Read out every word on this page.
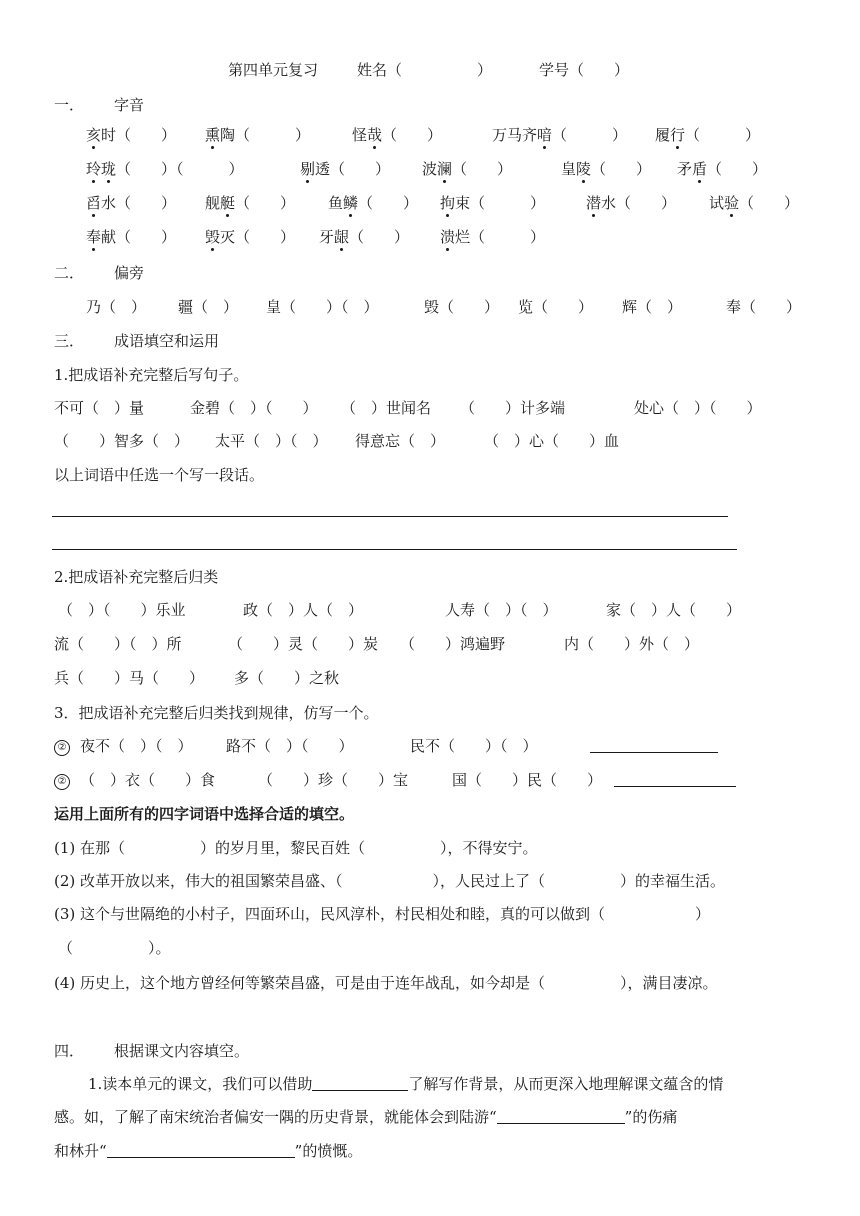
第四单元复习	姓名（　　　　　）	学号（　　）
一． 字音
亥时（　　） 熏陶（　　　）	怪哉（　　）	万马齐喑（　　　） 履行（　　　）
玲珑（　　）（　　　）	剔透（　　） 波澜（　　）	皇陵（　　） 矛盾（　　）
舀水（　　） 舰艇（　　） 鱼鳞（　　） 拘束（　　　）	潜水（　　） 试验（　　）
奉献（　　） 毁灭（　　） 牙龈（　　） 溃烂（　　　）
二． 偏旁
乃（　） 疆（　） 皇（　　）（　）	毁（　　） 览（　　） 辉（　）	奉（　　）
三． 成语填空和运用
1.把成语补充完整后写句子。
不可（　）量	金碧（　）（　　） （　）世闻名 （　　）计多端	处心（　）（　　）
（　　）智多（　） 太平（　）（　） 得意忘（　）	（　）心（　　）血
以上词语中任选一个写一段话。
2.把成语补充完整后归类
（　）（　　）乐业	政（　）人（　）	人寿（　）（　）	家（　）人（　　）
流（　　）（　）所	（　　）灵（　　）炭 （　　）鸿遍野	内（　　）外（　）
兵（　　）马（　　） 多（　　）之秋
3．把成语补充完整后归类找到规律，仿写一个。
② 夜不（　）（　） 路不（　）（　　）	民不（　　）（　）
② （　）衣（　　）食	（　　）珍（　　）宝	国（　　）民（　　）
运用上面所有的四字词语中选择合适的填空。
(1) 在那（　　　　　）的岁月里，黎民百姓（　　　　　），不得安宁。
(2) 改革开放以来，伟大的祖国繁荣昌盛、（　　　　　　），人民过上了（　　　　　）的幸福生活。
(3) 这个与世隔绝的小村子，四面环山，民风淳朴，村民相处和睦，真的可以做到（　　　　　　）
（　　　　　）。
(4) 历史上，这个地方曾经何等繁荣昌盛，可是由于连年战乱，如今却是（　　　　　），满目凄凉。
四． 根据课文内容填空。
1.读本单元的课文，我们可以借助	了解写作背景，从而更深入地理解课文蕴含的情
感。如，了解了南宋统治者偏安一隅的历史背景，就能体会到陆游“	”的伤痛
和林升“	”的愤慨。
